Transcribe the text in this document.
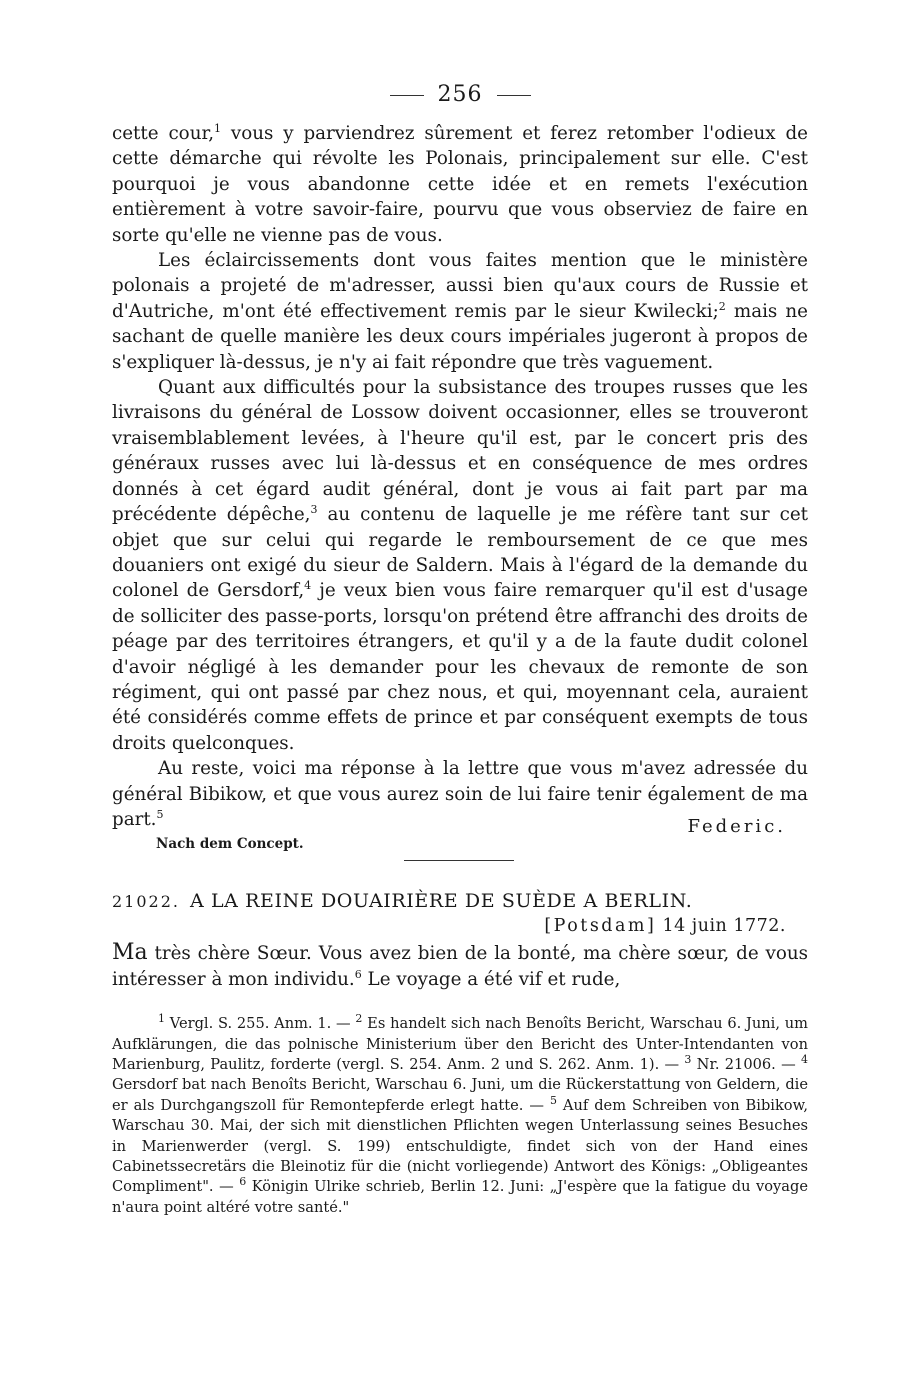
256

cette cour,$^1$ vous y parviendrez sûrement et ferez retomber l'odieux de cette démarche qui révolte les Polonais, principalement sur elle. C'est pourquoi je vous abandonne cette idée et en remets l'exécution entièrement à votre savoir-faire, pourvu que vous observiez de faire en sorte qu'elle ne vienne pas de vous.

Les éclaircissements dont vous faites mention que le ministère polonais a projeté de m'adresser, aussi bien qu'aux cours de Russie et d'Autriche, m'ont été effectivement remis par le sieur Kwilecki;$^2$ mais ne sachant de quelle manière les deux cours impériales jugeront à propos de s'expliquer là-dessus, je n'y ai fait répondre que très vaguement.

Quant aux difficultés pour la subsistance des troupes russes que les livraisons du général de Lossow doivent occasionner, elles se trouveront vraisemblablement levées, à l'heure qu'il est, par le concert pris des généraux russes avec lui là-dessus et en conséquence de mes ordres donnés à cet égard audit général, dont je vous ai fait part par ma précédente dépêche,$^3$ au contenu de laquelle je me réfère tant sur cet objet que sur celui qui regarde le remboursement de ce que mes douaniers ont exigé du sieur de Saldern. Mais à l'égard de la demande du colonel de Gersdorf,$^4$ je veux bien vous faire remarquer qu'il est d'usage de solliciter des passe-ports, lorsqu'on prétend être affranchi des droits de péage par des territoires étrangers, et qu'il y a de la faute dudit colonel d'avoir négligé à les demander pour les chevaux de remonte de son régiment, qui ont passé par chez nous, et qui, moyennant cela, auraient été considérés comme effets de prince et par conséquent exempts de tous droits quelconques.

Au reste, voici ma réponse à la lettre que vous m'avez adressée du général Bibikow, et que vous aurez soin de lui faire tenir également de ma part.$^5$

Nach dem Concept.
Federic.
21022. A LA REINE DOUAIRIÈRE DE SUÈDE A BERLIN.
[Potsdam] 14 juin 1772.

Ma très chère Sœur. Vous avez bien de la bonté, ma chère sœur, de vous intéresser à mon individu.$^6$ Le voyage a été vif et rude,

$^1$ Vergl. S. 255. Anm. 1. — $^2$ Es handelt sich nach Benoîts Bericht, Warschau 6. Juni, um Aufklärungen, die das polnische Ministerium über den Bericht des Unter-Intendanten von Marienburg, Paulitz, forderte (vergl. S. 254. Anm. 2 und S. 262. Anm. 1). — $^3$ Nr. 21006. — $^4$ Gersdorf bat nach Benoîts Bericht, Warschau 6. Juni, um die Rückerstattung von Geldern, die er als Durchgangszoll für Remontepferde erlegt hatte. — $^5$ Auf dem Schreiben von Bibikow, Warschau 30. Mai, der sich mit dienstlichen Pflichten wegen Unterlassung seines Besuches in Marienwerder (vergl. S. 199) entschuldigte, findet sich von der Hand eines Cabinetssecretärs die Bleinotiz für die (nicht vorliegende) Antwort des Königs: „Obligeantes Compliment". — $^6$ Königin Ulrike schrieb, Berlin 12. Juni: „J'espère que la fatigue du voyage n'aura point altéré votre santé."
